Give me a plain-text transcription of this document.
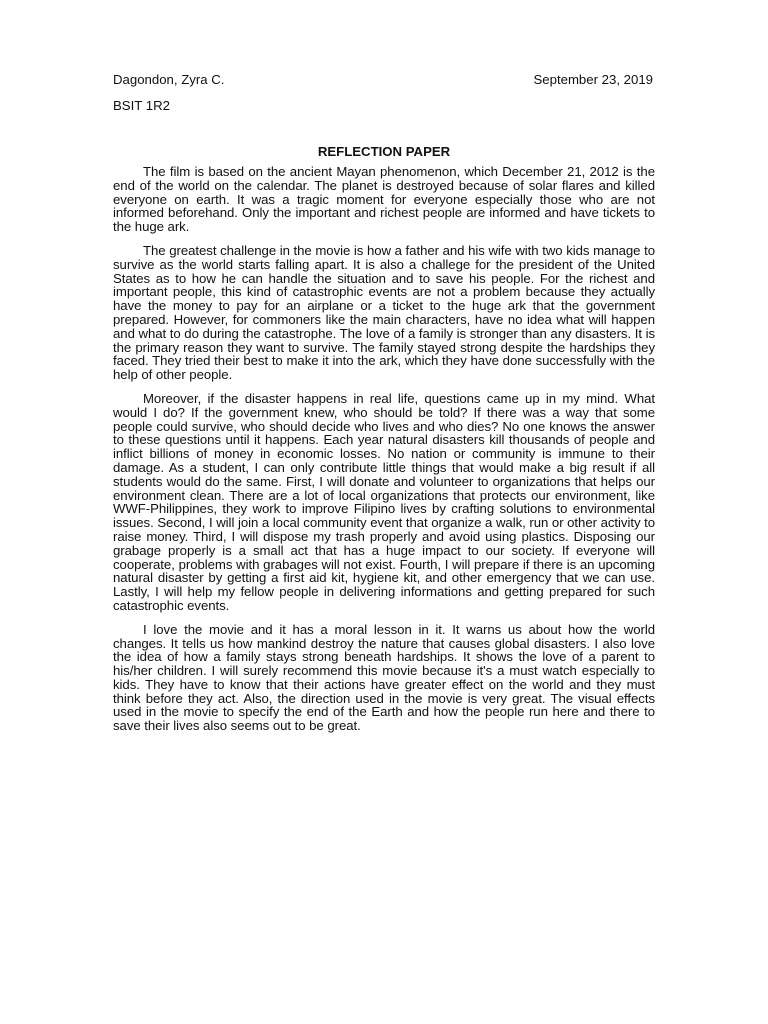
Dagondon, Zyra C.	September 23, 2019
BSIT 1R2
REFLECTION PAPER

The film is based on the ancient Mayan phenomenon, which December 21, 2012 is the end of the world on the calendar. The planet is destroyed because of solar flares and killed everyone on earth. It was a tragic moment for everyone especially those who are not informed beforehand. Only the important and richest people are informed and have tickets to the huge ark.

The greatest challenge in the movie is how a father and his wife with two kids manage to survive as the world starts falling apart. It is also a challege for the president of the United States as to how he can handle the situation and to save his people. For the richest and important people, this kind of catastrophic events are not a problem because they actually have the money to pay for an airplane or a ticket to the huge ark that the government prepared. However, for commoners like the main characters, have no idea what will happen and what to do during the catastrophe. The love of a family is stronger than any disasters. It is the primary reason they want to survive. The family stayed strong despite the hardships they faced. They tried their best to make it into the ark, which they have done successfully with the help of other people.

Moreover, if the disaster happens in real life, questions came up in my mind. What would I do? If the government knew, who should be told? If there was a way that some people could survive, who should decide who lives and who dies? No one knows the answer to these questions until it happens. Each year natural disasters kill thousands of people and inflict billions of money in economic losses. No nation or community is immune to their damage. As a student, I can only contribute little things that would make a big result if all students would do the same. First, I will donate and volunteer to organizations that helps our environment clean. There are a lot of local organizations that protects our environment, like WWF-Philippines, they work to improve Filipino lives by crafting solutions to environmental issues. Second, I will join a local community event that organize a walk, run or other activity to raise money. Third, I will dispose my trash properly and avoid using plastics. Disposing our grabage properly is a small act that has a huge impact to our society. If everyone will cooperate, problems with grabages will not exist. Fourth, I will prepare if there is an upcoming natural disaster by getting a first aid kit, hygiene kit, and other emergency that we can use. Lastly, I will help my fellow people in delivering informations and getting prepared for such catastrophic events.

I love the movie and it has a moral lesson in it. It warns us about how the world changes. It tells us how mankind destroy the nature that causes global disasters. I also love the idea of how a family stays strong beneath hardships. It shows the love of a parent to his/her children. I will surely recommend this movie because it's a must watch especially to kids. They have to know that their actions have greater effect on the world and they must think before they act. Also, the direction used in the movie is very great. The visual effects used in the movie to specify the end of the Earth and how the people run here and there to save their lives also seems out to be great.
